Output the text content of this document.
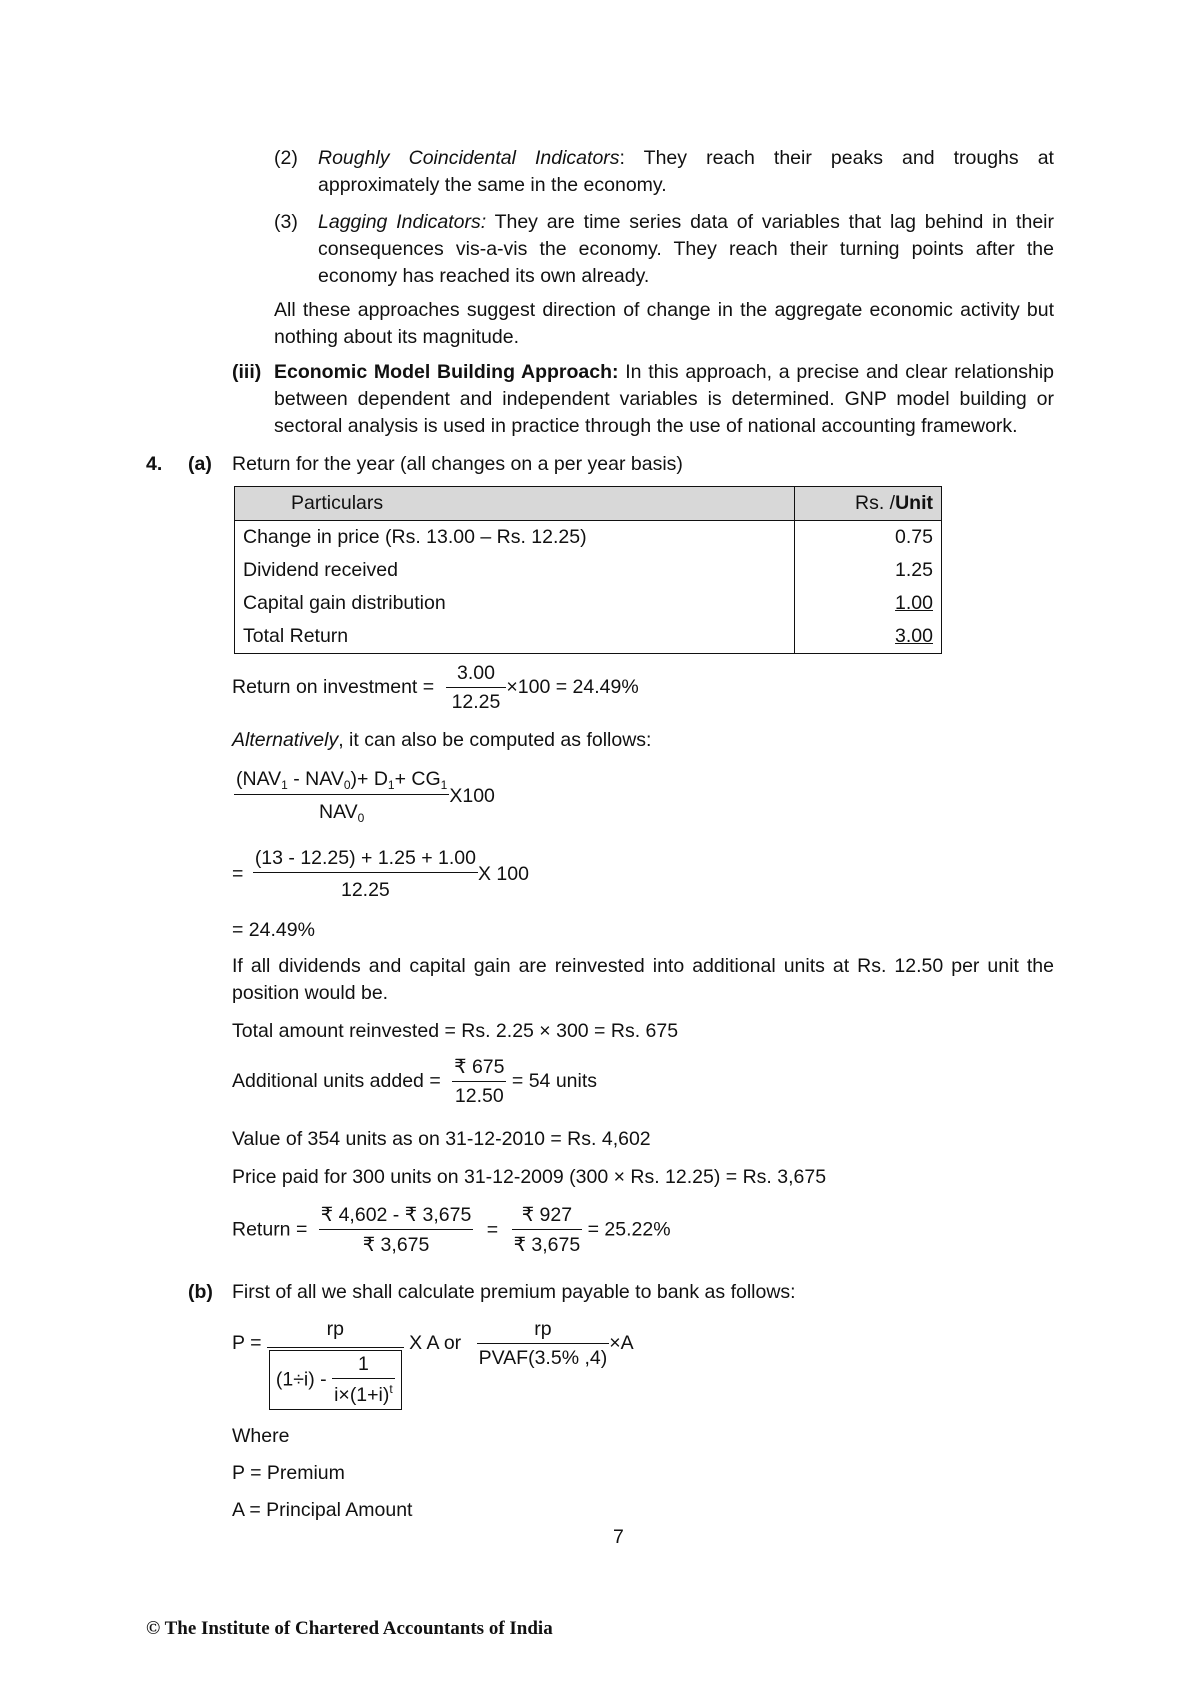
(2) Roughly Coincidental Indicators: They reach their peaks and troughs at approximately the same in the economy.
(3) Lagging Indicators: They are time series data of variables that lag behind in their consequences vis-a-vis the economy. They reach their turning points after the economy has reached its own already.
All these approaches suggest direction of change in the aggregate economic activity but nothing about its magnitude.
(iii) Economic Model Building Approach: In this approach, a precise and clear relationship between dependent and independent variables is determined. GNP model building or sectoral analysis is used in practice through the use of national accounting framework.
4. (a) Return for the year (all changes on a per year basis)
Particulars	Rs. /Unit
Change in price (Rs. 13.00 – Rs. 12.25)	0.75
Dividend received	1.25
Capital gain distribution	1.00
Total Return	3.00
Return on investment = $\frac{3.00}{12.25} \times 100 = 24.49\%$
Alternatively, it can also be computed as follows:
$\frac{(NAV_1 - NAV_0)+ D_1+ CG_1}{NAV_0} X100$
= $\frac{(13 - 12.25) + 1.25 + 1.00}{12.25}$ X 100
= 24.49%
If all dividends and capital gain are reinvested into additional units at Rs. 12.50 per unit the position would be.
Total amount reinvested = Rs. 2.25 × 300 = Rs. 675
Additional units added = $\frac{₹ 675}{12.50} = 54$ units
Value of 354 units as on 31-12-2010 = Rs. 4,602
Price paid for 300 units on 31-12-2009 (300 × Rs. 12.25) = Rs. 3,675
Return = $\frac{₹ 4,602 - ₹ 3,675}{₹ 3,675} = \frac{₹ 927}{₹ 3,675} = 25.22\%$
(b) First of all we shall calculate premium payable to bank as follows:
$P = \frac{rp}{(1\div i) - \frac{1}{i\times(1+i)^t}}$ X A or $\frac{rp}{\text{PVAF(3.5\% ,4)}} \times A$
Where
P = Premium
A = Principal Amount
7
© The Institute of Chartered Accountants of India
